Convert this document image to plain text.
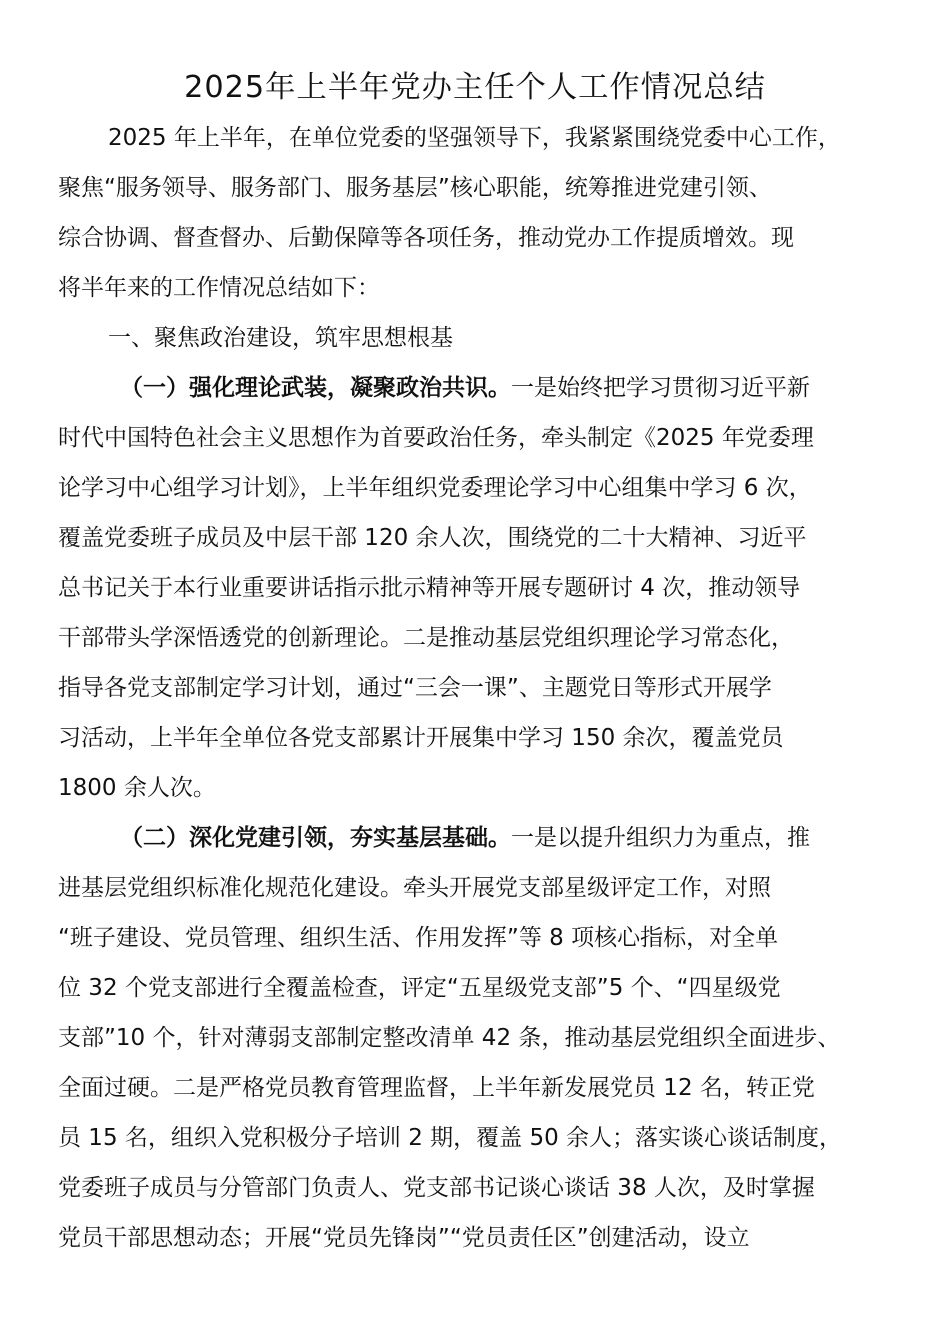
2025年上半年党办主任个人工作情况总结
2025 年上半年，在单位党委的坚强领导下，我紧紧围绕党委中心工作，
聚焦“服务领导、服务部门、服务基层”核心职能，统筹推进党建引领、
综合协调、督查督办、后勤保障等各项任务，推动党办工作提质增效。现
将半年来的工作情况总结如下：
一、聚焦政治建设，筑牢思想根基
（一）强化理论武装，凝聚政治共识。一是始终把学习贯彻习近平新
时代中国特色社会主义思想作为首要政治任务，牵头制定《2025 年党委理
论学习中心组学习计划》，上半年组织党委理论学习中心组集中学习 6 次，
覆盖党委班子成员及中层干部 120 余人次，围绕党的二十大精神、习近平
总书记关于本行业重要讲话指示批示精神等开展专题研讨 4 次，推动领导
干部带头学深悟透党的创新理论。二是推动基层党组织理论学习常态化，
指导各党支部制定学习计划，通过“三会一课”、主题党日等形式开展学
习活动，上半年全单位各党支部累计开展集中学习 150 余次，覆盖党员
1800 余人次。
（二）深化党建引领，夯实基层基础。一是以提升组织力为重点，推
进基层党组织标准化规范化建设。牵头开展党支部星级评定工作，对照
“班子建设、党员管理、组织生活、作用发挥”等 8 项核心指标，对全单
位 32 个党支部进行全覆盖检查，评定“五星级党支部”5 个、“四星级党
支部”10 个，针对薄弱支部制定整改清单 42 条，推动基层党组织全面进步、
全面过硬。二是严格党员教育管理监督，上半年新发展党员 12 名，转正党
员 15 名，组织入党积极分子培训 2 期，覆盖 50 余人；落实谈心谈话制度，
党委班子成员与分管部门负责人、党支部书记谈心谈话 38 人次，及时掌握
党员干部思想动态；开展“党员先锋岗”“党员责任区”创建活动，设立
